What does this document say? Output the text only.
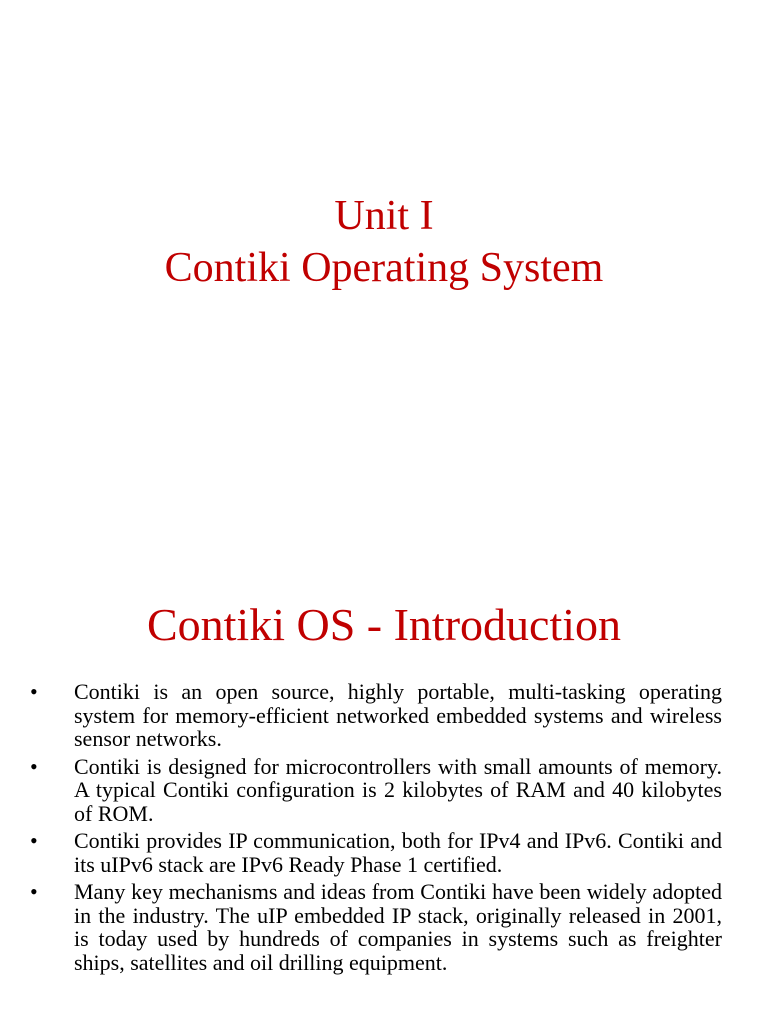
Unit I
Contiki Operating System
Contiki OS - Introduction
•	Contiki is an open source, highly portable, multi-tasking operating system for memory-efficient networked embedded systems and wireless sensor networks.
•	Contiki is designed for microcontrollers with small amounts of memory. A typical Contiki configuration is 2 kilobytes of RAM and 40 kilobytes of ROM.
•	Contiki provides IP communication, both for IPv4 and IPv6. Contiki and its uIPv6 stack are IPv6 Ready Phase 1 certified.
•	Many key mechanisms and ideas from Contiki have been widely adopted in the industry. The uIP embedded IP stack, originally released in 2001, is today used by hundreds of companies in systems such as freighter ships, satellites and oil drilling equipment.
